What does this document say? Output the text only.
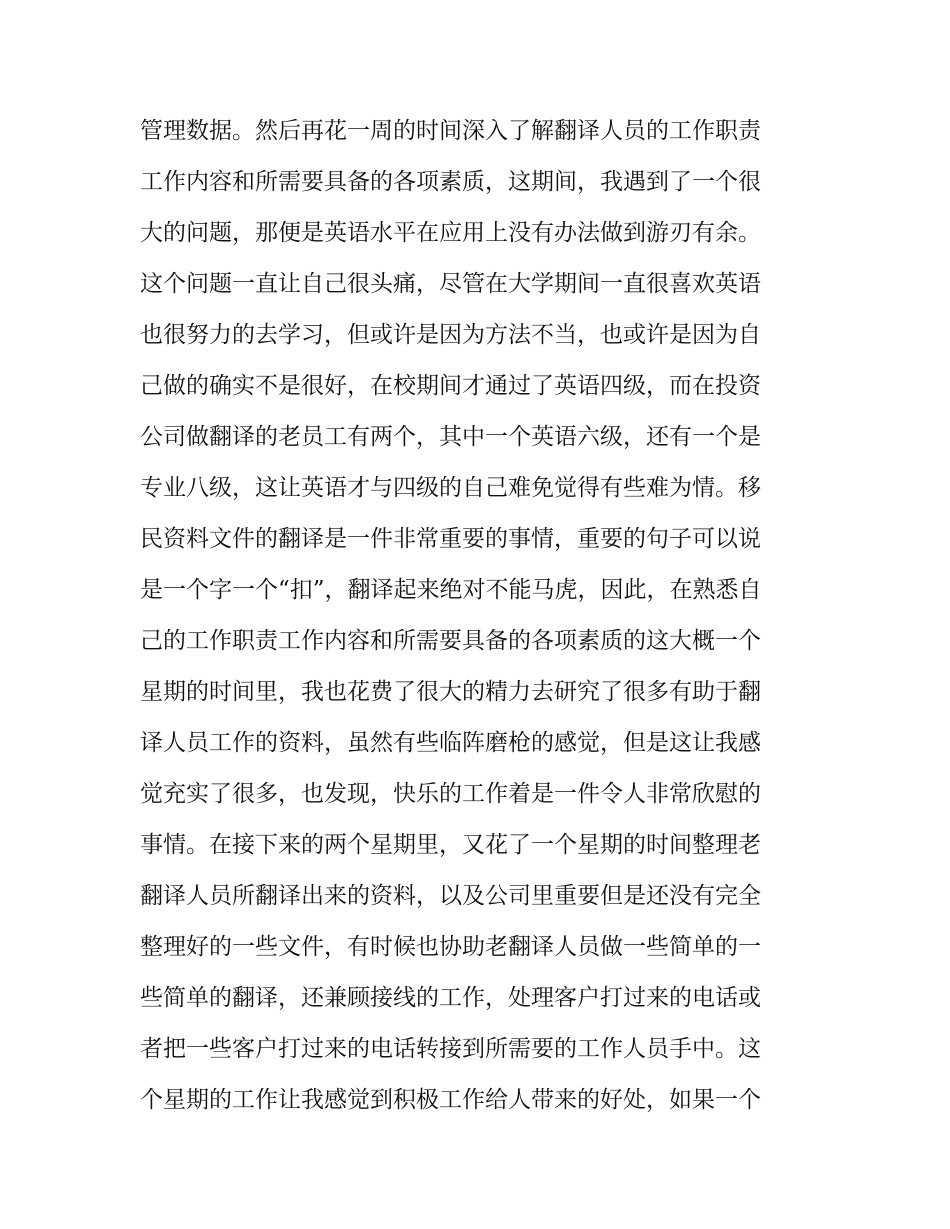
管理数据。然后再花一周的时间深入了解翻译人员的工作职责
工作内容和所需要具备的各项素质，这期间，我遇到了一个很
大的问题，那便是英语水平在应用上没有办法做到游刃有余。
这个问题一直让自己很头痛，尽管在大学期间一直很喜欢英语
也很努力的去学习，但或许是因为方法不当，也或许是因为自
己做的确实不是很好，在校期间才通过了英语四级，而在投资
公司做翻译的老员工有两个，其中一个英语六级，还有一个是
专业八级，这让英语才与四级的自己难免觉得有些难为情。移
民资料文件的翻译是一件非常重要的事情，重要的句子可以说
是一个字一个“扣”，翻译起来绝对不能马虎，因此，在熟悉自
己的工作职责工作内容和所需要具备的各项素质的这大概一个
星期的时间里，我也花费了很大的精力去研究了很多有助于翻
译人员工作的资料，虽然有些临阵磨枪的感觉，但是这让我感
觉充实了很多，也发现，快乐的工作着是一件令人非常欣慰的
事情。在接下来的两个星期里，又花了一个星期的时间整理老
翻译人员所翻译出来的资料，以及公司里重要但是还没有完全
整理好的一些文件，有时候也协助老翻译人员做一些简单的一
些简单的翻译，还兼顾接线的工作，处理客户打过来的电话或
者把一些客户打过来的电话转接到所需要的工作人员手中。这
个星期的工作让我感觉到积极工作给人带来的好处，如果一个
